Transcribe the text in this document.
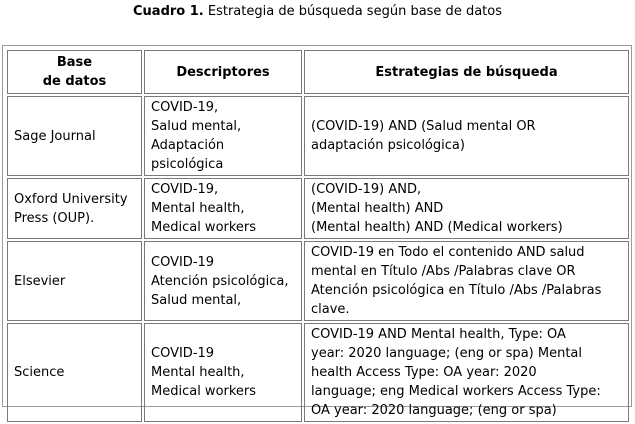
Cuadro 1. Estrategia de búsqueda según base de datos
Base
de datos	Descriptores	Estrategias de búsqueda

Sage Journal	COVID-19,
Salud mental,
Adaptación
psicológica	(COVID-19) AND (Salud mental OR
adaptación psicológica)

Oxford University
Press (OUP).	COVID-19,
Mental health,
Medical workers	(COVID-19) AND,
(Mental health) AND
(Mental health) AND (Medical workers)

Elsevier	COVID-19
Atención psicológica,
Salud mental,	COVID-19 en Todo el contenido AND salud
mental en Título /Abs /Palabras clave OR
Atención psicológica en Título /Abs /Palabras
clave.

Science	COVID-19
Mental health,
Medical workers	COVID-19 AND Mental health, Type: OA
year: 2020 language; (eng or spa) Mental
health Access Type: OA year: 2020
language; eng Medical workers Access Type:
OA year: 2020 language; (eng or spa)
